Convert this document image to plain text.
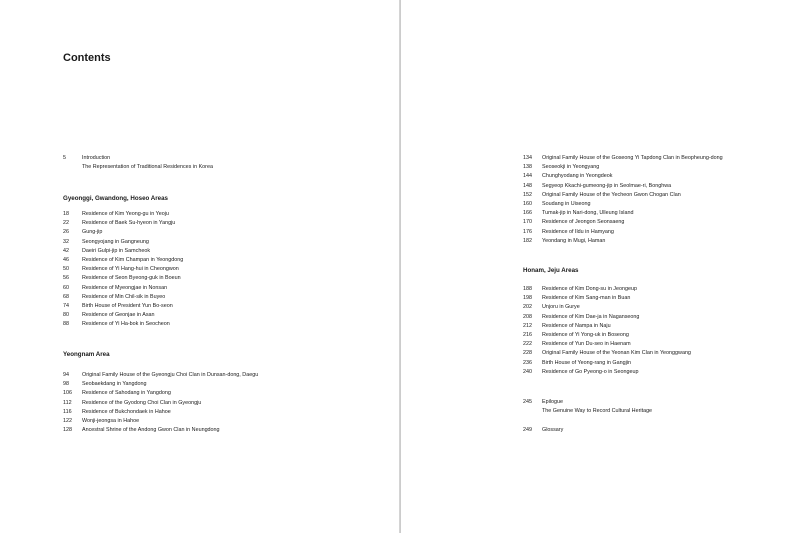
Contents
5	Introduction
The Representation of Traditional Residences in Korea
Gyeonggi, Gwandong, Hoseo Areas
18	Residence of Kim Yeong-gu in Yeoju
22	Residence of Baek Su-hyeon in Yangju
26	Gung-jip
32	Seongyojang in Gangneung
42	Daeiri Gulpi-jip in Samcheok
46	Residence of Kim Champan in Yeongdong
50	Residence of Yi Hang-hui in Cheongwon
56	Residence of Seon Byeong-guk in Boeun
60	Residence of Myeongjae in Nonsan
68	Residence of Min Chil-sik in Buyeo
74	Birth House of President Yun Bo-seon
80	Residence of Geonjae in Asan
88	Residence of Yi Ha-bok in Seocheon
Yeongnam Area
94	Original Family House of the Gyeongju Choi Clan in Dunsan-dong, Daegu
98	Seobaekdang in Yangdong
106	Residence of Sahodang in Yangdong
112	Residence of the Gyodong Choi Clan in Gyeongju
116	Residence of Bukchondaek in Hahoe
122	Wonji-jeongsa in Hahoe
128	Ancestral Shrine of the Andong Gwon Clan in Neungdong
134	Original Family House of the Goseong Yi Tapdong Clan in Beopheung-dong
138	Seoseokji in Yeongyang
144	Chunghyodang in Yeongdeok
148	Segyeop Kkachi-gumeong-jip in Seolmae-ri, Bonghwa
152	Original Family House of the Yecheon Gwon Chogan Clan
160	Soudang in Uiseong
166	Tumak-jip in Nari-dong, Ulleung Island
170	Residence of Jeongon Seonsaeng
176	Residence of Ildu in Hamyang
182	Yeondang in Mugi, Haman
Honam, Jeju Areas
188	Residence of Kim Dong-su in Jeongeup
198	Residence of Kim Sang-man in Buan
202	Unjoru in Gurye
208	Residence of Kim Dae-ja in Naganseong
212	Residence of Nampa in Naju
216	Residence of Yi Yong-uk in Boseong
222	Residence of Yun Du-seo in Haenam
228	Original Family House of the Yeonan Kim Clan in Yeonggwang
236	Birth House of Yeong-rang in Gangjin
240	Residence of Go Pyeong-o in Seongeup
245	Epilogue
The Genuine Way to Record Cultural Heritage
249	Glossary
